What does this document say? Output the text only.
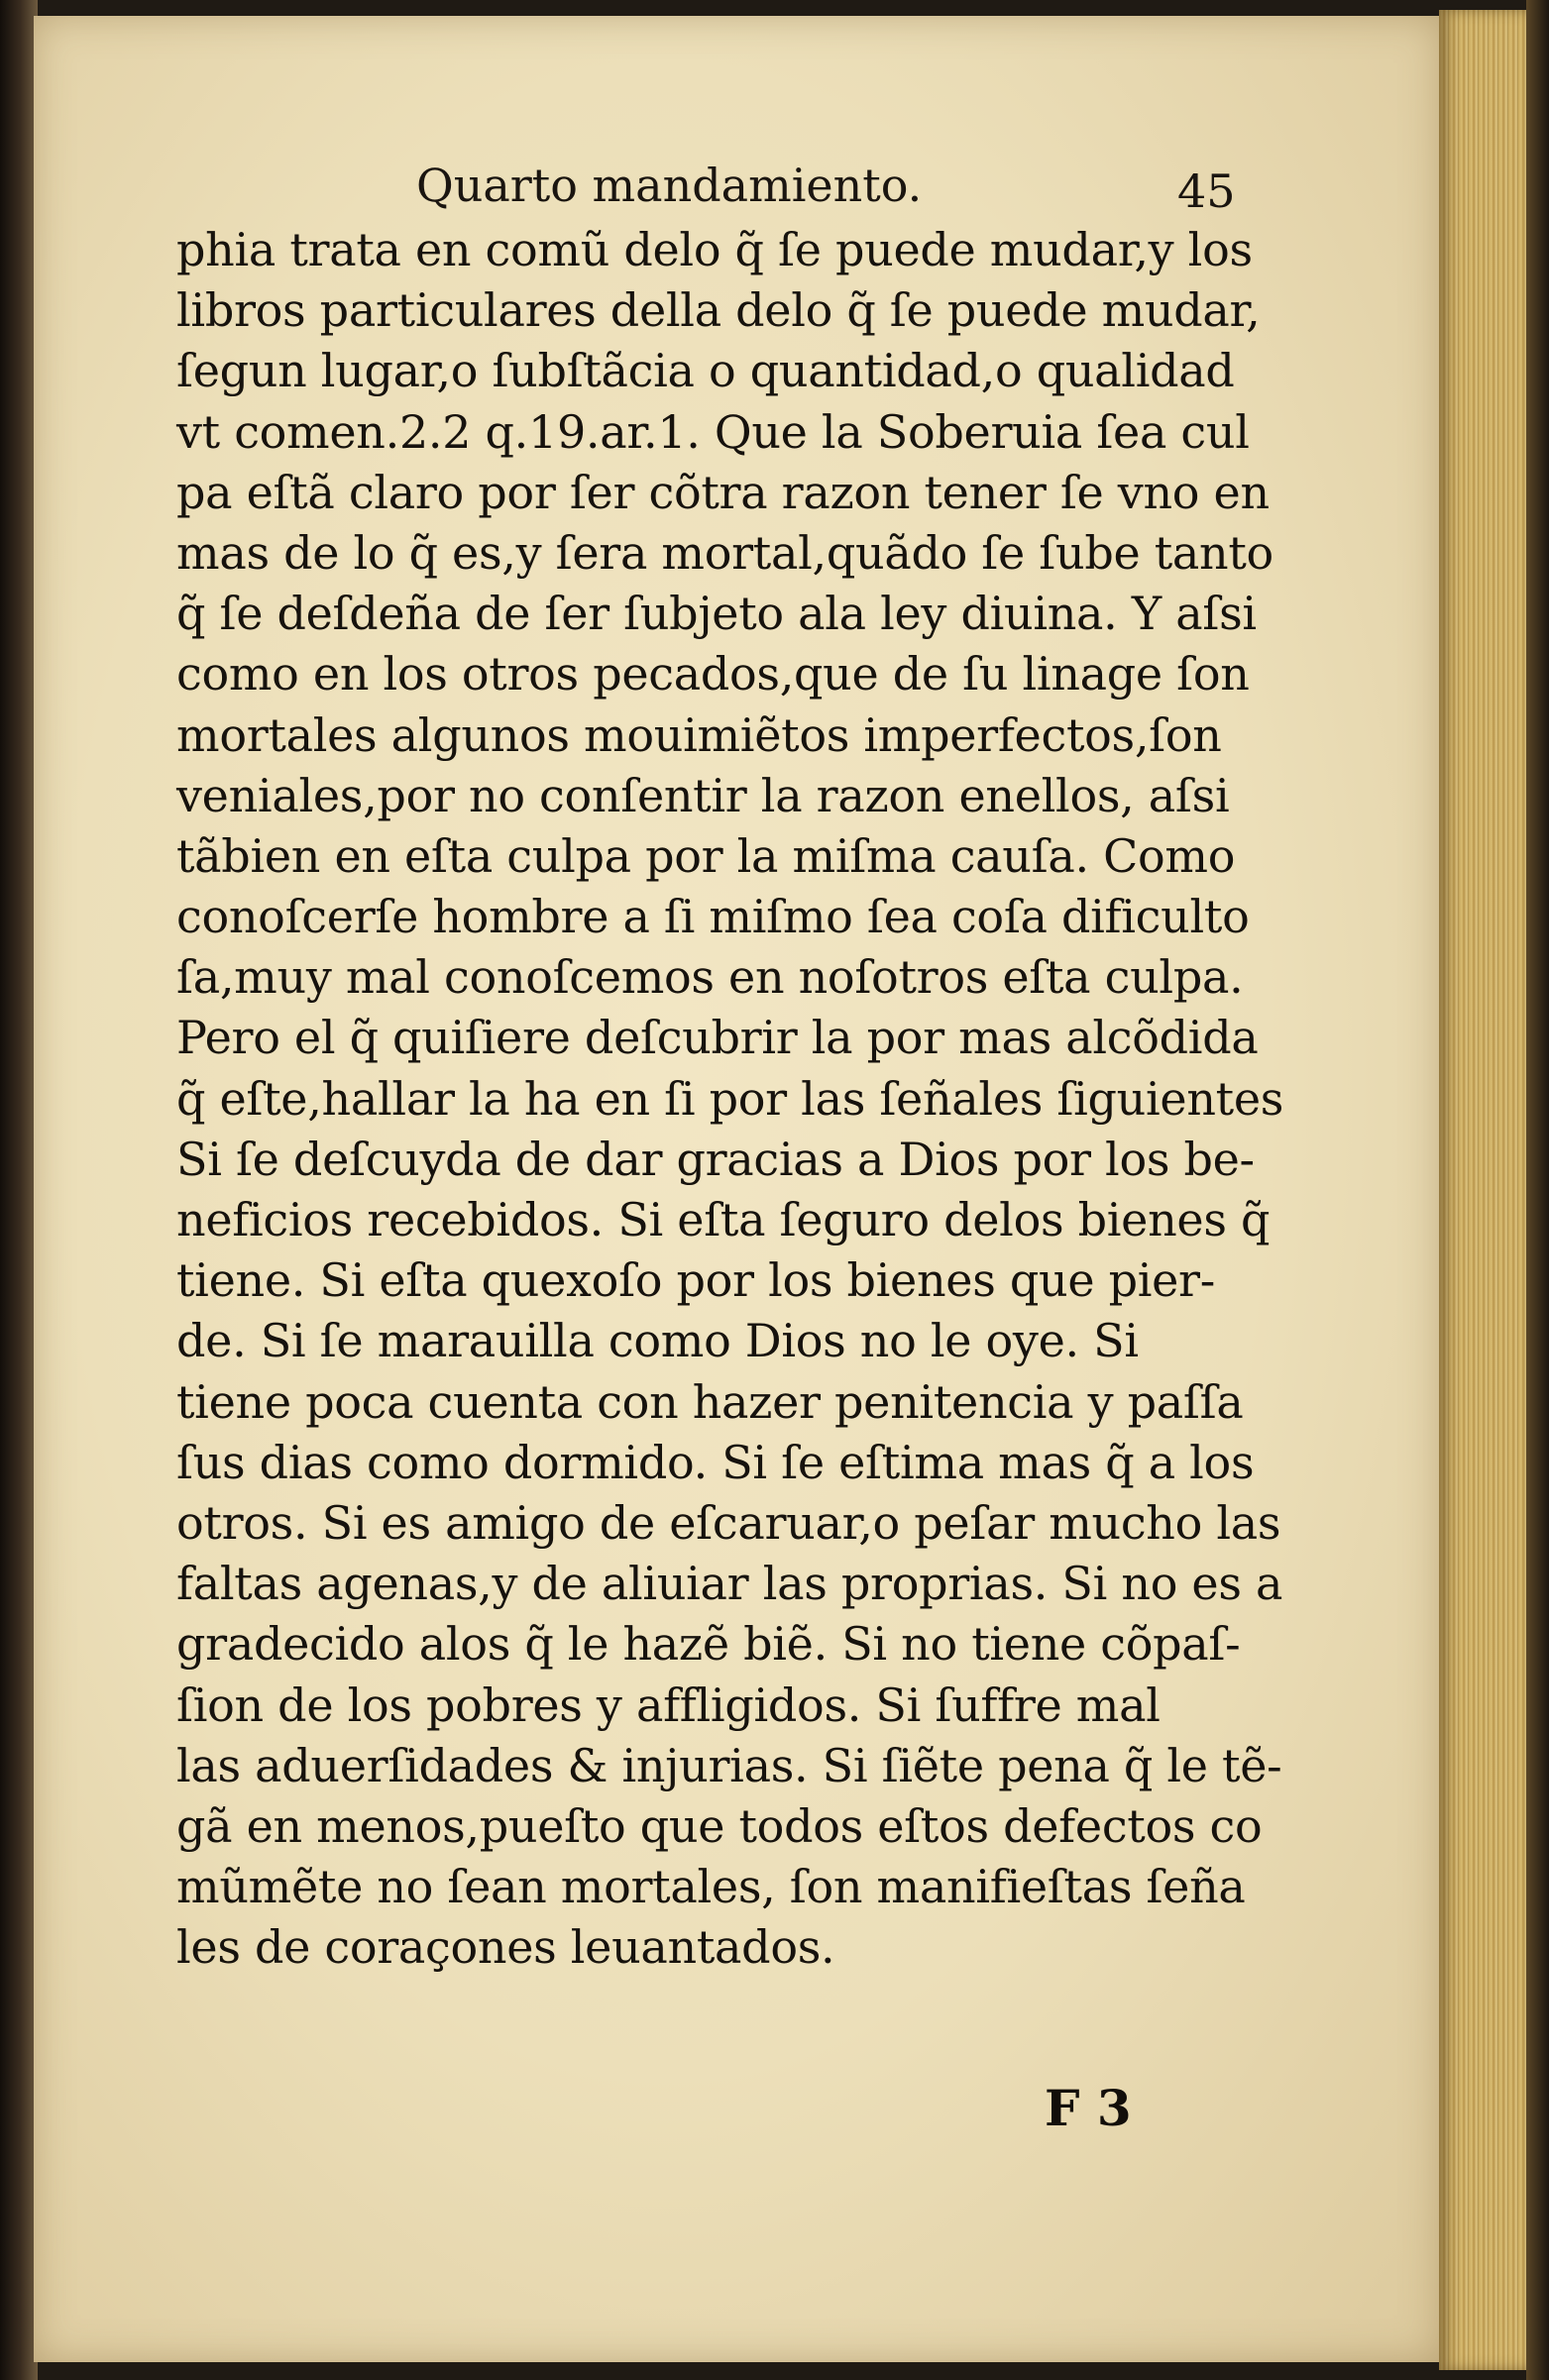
Quarto mandamiento.	45
phia trata en comũ delo q̃ ſe puede mudar,y los
libros particulares della delo q̃ ſe puede mudar,
ſegun lugar,o ſubſtãcia o quantidad,o qualidad
vt comen.2.2 q.19.ar.1. Que la Soberuia ſea cul
pa eſtã claro por ſer cõtra razon tener ſe vno en
mas de lo q̃ es,y ſera mortal,quãdo ſe ſube tanto
q̃ ſe deſdeña de ſer ſubjeto ala ley diuina. Y aſsi
como en los otros pecados,que de ſu linage ſon
mortales algunos mouimiẽtos imperfectos,ſon
veniales,por no conſentir la razon enellos, aſsi
tãbien en eſta culpa por la miſma cauſa. Como
conoſcerſe hombre a ſi miſmo ſea coſa dificulto
ſa,muy mal conoſcemos en noſotros eſta culpa.
Pero el q̃ quiſiere deſcubrir la por mas alcõdida
q̃ eſte,hallar la ha en ſi por las ſeñales ſiguientes
Si ſe deſcuyda de dar gracias a Dios por los be-
neficios recebidos. Si eſta ſeguro delos bienes q̃
tiene. Si eſta quexoſo por los bienes que pier-
de. Si ſe marauilla como Dios no le oye. Si
tiene poca cuenta con hazer penitencia y paſſa
ſus dias como dormido. Si ſe eſtima mas q̃ a los
otros. Si es amigo de eſcaruar,o peſar mucho las
faltas agenas,y de aliuiar las proprias. Si no es a
gradecido alos q̃ le hazẽ biẽ. Si no tiene cõpaſ-
ſion de los pobres y affligidos. Si ſuffre mal
las aduerſidades & injurias. Si ſiẽte pena q̃ le tẽ-
gã en menos,pueſto que todos eſtos defectos co
mũmẽte no ſean mortales, ſon manifieſtas ſeña
les de coraçones leuantados.
F 3
